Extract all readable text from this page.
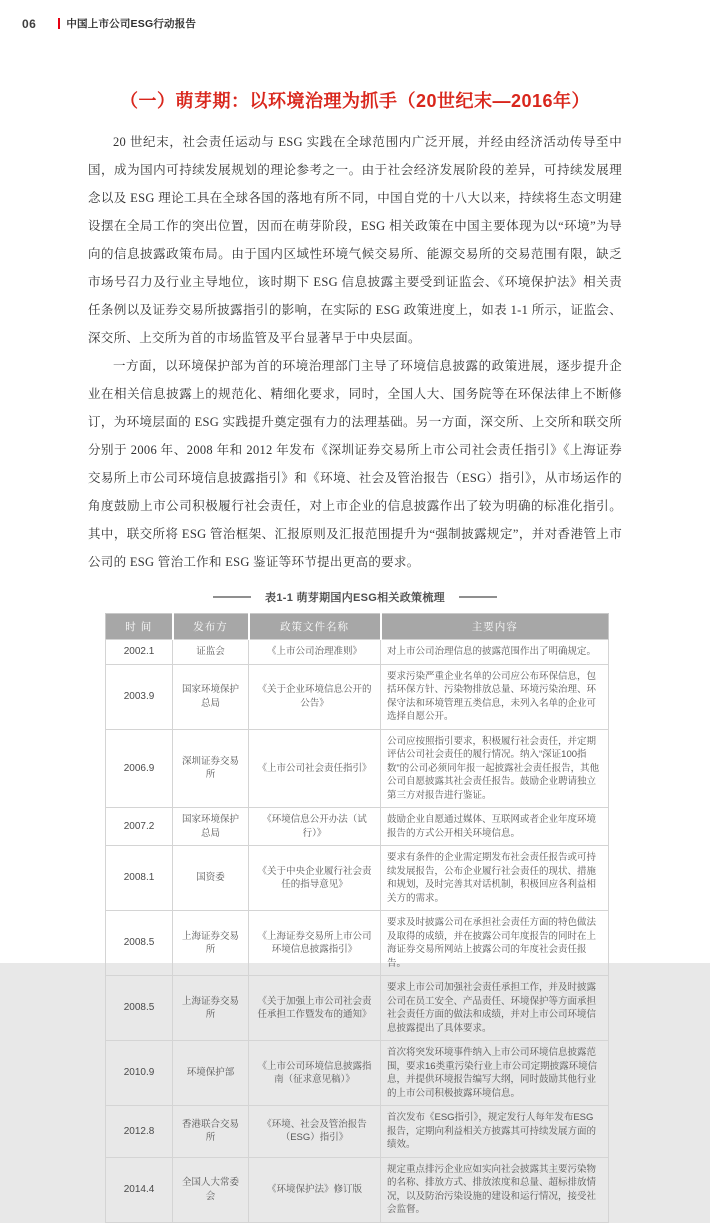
06	中国上市公司ESG行动报告
（一）萌芽期：以环境治理为抓手（20世纪末—2016年）

20 世纪末，社会责任运动与 ESG 实践在全球范围内广泛开展，并经由经济活动传导至中国，成为国内可持续发展规划的理论参考之一。由于社会经济发展阶段的差异，可持续发展理念以及 ESG 理论工具在全球各国的落地有所不同，中国自党的十八大以来，持续将生态文明建设摆在全局工作的突出位置，因而在萌芽阶段，ESG 相关政策在中国主要体现为以“环境”为导向的信息披露政策布局。由于国内区域性环境气候交易所、能源交易所的交易范围有限，缺乏市场号召力及行业主导地位，该时期下 ESG 信息披露主要受到证监会、《环境保护法》相关责任条例以及证券交易所披露指引的影响，在实际的 ESG 政策进度上，如表 1-1 所示，证监会、深交所、上交所为首的市场监管及平台显著早于中央层面。

一方面，以环境保护部为首的环境治理部门主导了环境信息披露的政策进展，逐步提升企业在相关信息披露上的规范化、精细化要求，同时，全国人大、国务院等在环保法律上不断修订，为环境层面的 ESG 实践提升奠定强有力的法理基础。另一方面，深交所、上交所和联交所分别于 2006 年、2008 年和 2012 年发布《深圳证券交易所上市公司社会责任指引》《上海证券交易所上市公司环境信息披露指引》和《环境、社会及管治报告（ESG）指引》，从市场运作的角度鼓励上市公司积极履行社会责任，对上市企业的信息披露作出了较为明确的标准化指引。其中，联交所将 ESG 管治框架、汇报原则及汇报范围提升为“强制披露规定”，并对香港管上市公司的 ESG 管治工作和 ESG 鉴证等环节提出更高的要求。

表1-1 萌芽期国内ESG相关政策梳理
时 间	发布方	政策文件名称	主要内容
2002.1	证监会	《上市公司治理准则》	对上市公司治理信息的披露范围作出了明确规定。
2003.9	国家环境保护总局	《关于企业环境信息公开的公告》	要求污染严重企业名单的公司应公布环保信息，包括环保方针、污染物排放总量、环境污染治理、环保守法和环境管理五类信息，未列入名单的企业可选择自愿公开。
2006.9	深圳证券交易所	《上市公司社会责任指引》	公司应按照指引要求，积极履行社会责任，并定期评估公司社会责任的履行情况。纳入“深证100指数”的公司必须同年报一起披露社会责任报告，其他公司自愿披露其社会责任报告。鼓励企业聘请独立第三方对报告进行鉴证。
2007.2	国家环境保护总局	《环境信息公开办法（试行）》	鼓励企业自愿通过媒体、互联网或者企业年度环境报告的方式公开相关环境信息。
2008.1	国资委	《关于中央企业履行社会责任的指导意见》	要求有条件的企业需定期发布社会责任报告或可持续发展报告，公布企业履行社会责任的现状、措施和规划，及时完善其对话机制，积极回应各利益相关方的需求。
2008.5	上海证券交易所	《上海证券交易所上市公司环境信息披露指引》	要求及时披露公司在承担社会责任方面的特色做法及取得的成绩，并在披露公司年度报告的同时在上海证券交易所网站上披露公司的年度社会责任报告。
2008.5	上海证券交易所	《关于加强上市公司社会责任承担工作暨发布的通知》	要求上市公司加强社会责任承担工作，并及时披露公司在员工安全、产品责任、环境保护等方面承担社会责任方面的做法和成绩，并对上市公司环境信息披露提出了具体要求。
2010.9	环境保护部	《上市公司环境信息披露指南（征求意见稿）》	首次将突发环境事件纳入上市公司环境信息披露范围，要求16类重污染行业上市公司定期披露环境信息，并提供环境报告编写大纲，同时鼓励其他行业的上市公司积极披露环境信息。
2012.8	香港联合交易所	《环境、社会及管治报告（ESG）指引》	首次发布《ESG指引》，规定发行人每年发布ESG报告，定期向利益相关方披露其可持续发展方面的绩效。
2014.4	全国人大常委会	《环境保护法》修订版	规定重点排污企业应如实向社会披露其主要污染物的名称、排放方式、排放浓度和总量、超标排放情况，以及防治污染设施的建设和运行情况，接受社会监督。
